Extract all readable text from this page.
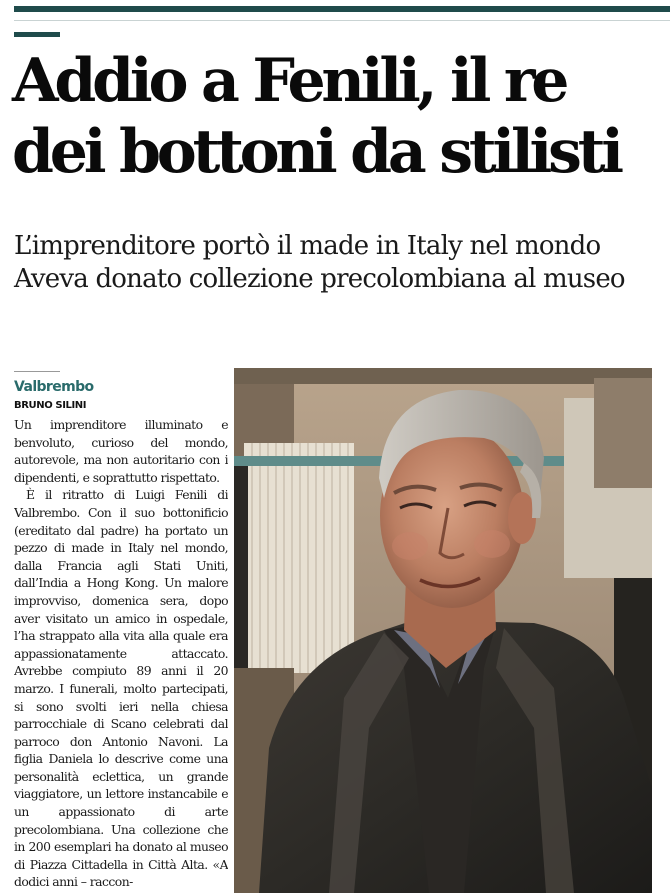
Addio a Fenili, il re
dei bottoni da stilisti
L’imprenditore portò il made in Italy nel mondo
Aveva donato collezione precolombiana al museo
Valbrembo
BRUNO SILINI

Un imprenditore illuminato e benvoluto, curioso del mondo, autorevole, ma non autoritario con i dipendenti, e soprattutto rispettato.

È il ritratto di Luigi Fenili di Valbrembo. Con il suo bottonificio (ereditato dal padre) ha portato un pezzo di made in Italy nel mondo, dalla Francia agli Stati Uniti, dall’India a Hong Kong. Un malore improvviso, domenica sera, dopo aver visitato un amico in ospedale, l’ha strappato alla vita alla quale era appassionatamente attaccato. Avrebbe compiuto 89 anni il 20 marzo. I funerali, molto partecipati, si sono svolti ieri nella chiesa parrocchiale di Scano celebrati dal parroco don Antonio Navoni. La figlia Daniela lo descrive come una personalità eclettica, un grande viaggiatore, un lettore instancabile e un appassionato di arte precolombiana. Una collezione che in 200 esemplari ha donato al museo di Piazza Cittadella in Città Alta. «A dodici anni – raccon-
